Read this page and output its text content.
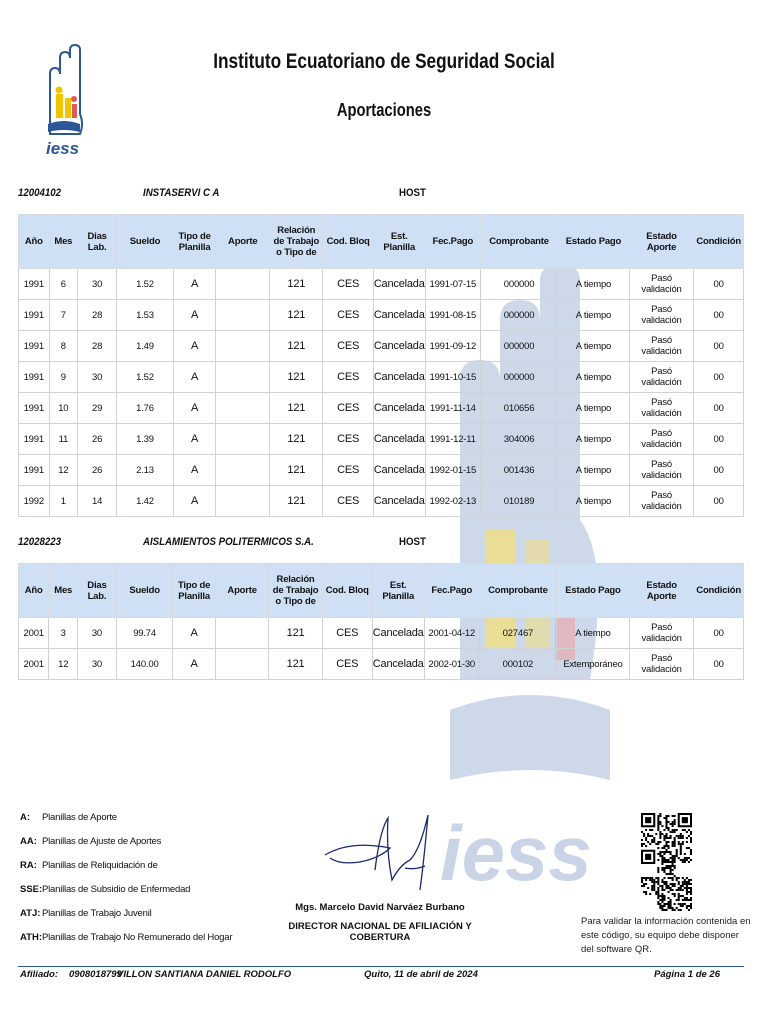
iess
iess
Instituto Ecuatoriano de Seguridad Social
Aportaciones
12004102	INSTASERVI C A	HOST
Año	Mes	Dias Lab.	Sueldo	Tipo de Planilla	Aporte	Relación de Trabajo o Tipo de	Cod. Bloq	Est. Planilla	Fec.Pago	Comprobante	Estado Pago	Estado Aporte	Condición
1991	6	30	1.52	A		121	CES	Cancelada	1991-07-15	000000	A tiempo	Pasó validación	00
1991	7	28	1.53	A		121	CES	Cancelada	1991-08-15	000000	A tiempo	Pasó validación	00
1991	8	28	1.49	A		121	CES	Cancelada	1991-09-12	000000	A tiempo	Pasó validación	00
1991	9	30	1.52	A		121	CES	Cancelada	1991-10-15	000000	A tiempo	Pasó validación	00
1991	10	29	1.76	A		121	CES	Cancelada	1991-11-14	010656	A tiempo	Pasó validación	00
1991	11	26	1.39	A		121	CES	Cancelada	1991-12-11	304006	A tiempo	Pasó validación	00
1991	12	26	2.13	A		121	CES	Cancelada	1992-01-15	001436	A tiempo	Pasó validación	00
1992	1	14	1.42	A		121	CES	Cancelada	1992-02-13	010189	A tiempo	Pasó validación	00
12028223	AISLAMIENTOS POLITERMICOS S.A.	HOST
Año	Mes	Dias Lab.	Sueldo	Tipo de Planilla	Aporte	Relación de Trabajo o Tipo de	Cod. Bloq	Est. Planilla	Fec.Pago	Comprobante	Estado Pago	Estado Aporte	Condición
2001	3	30	99.74	A		121	CES	Cancelada	2001-04-12	027467	A tiempo	Pasó validación	00
2001	12	30	140.00	A		121	CES	Cancelada	2002-01-30	000102	Extemporáneo	Pasó validación	00
A:	Planillas de Aporte
AA: Planillas de Ajuste de Aportes
RA: Planillas de Reliquidación de
SSE: Planillas de Subsidio de Enfermedad
ATJ: Planillas de Trabajo Juvenil
ATH: Planillas de Trabajo No Remunerado del Hogar
Mgs. Marcelo David Narváez Burbano
DIRECTOR NACIONAL DE AFILIACIÓN Y COBERTURA
Para validar la información contenida en este código, su equipo debe disponer del software QR.
Afiliado: 0908018799
VILLON SANTIANA DANIEL RODOLFO	Quito, 11 de abril de 2024	Página 1 de 26
